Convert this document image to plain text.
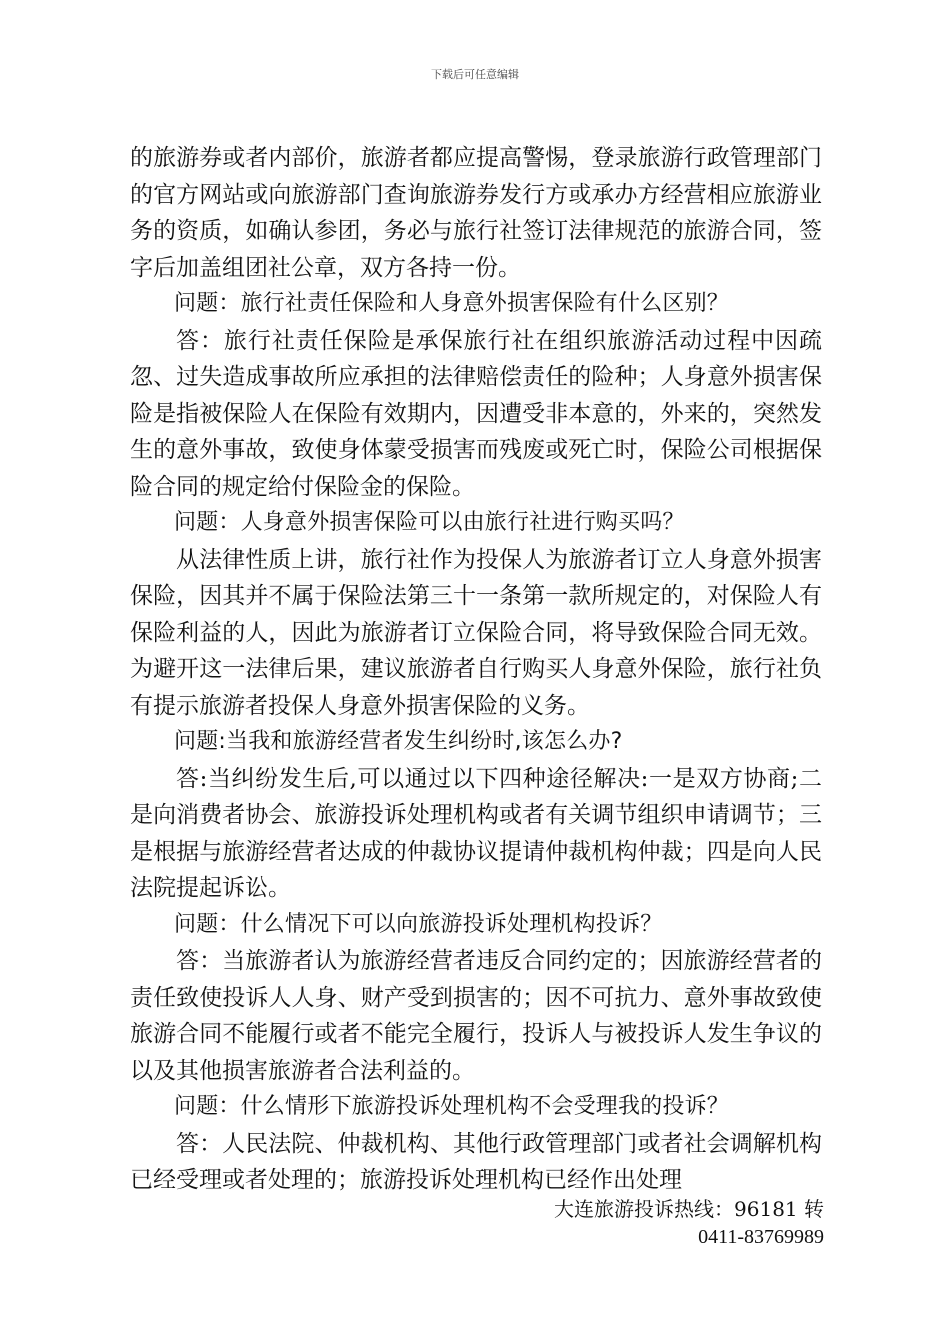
下载后可任意编辑

的旅游券或者内部价，旅游者都应提高警惕，登录旅游行政管理部门的官方网站或向旅游部门查询旅游券发行方或承办方经营相应旅游业务的资质，如确认参团，务必与旅行社签订法律规范的旅游合同，签字后加盖组团社公章，双方各持一份。

问题：旅行社责任保险和人身意外损害保险有什么区别？

答：旅行社责任保险是承保旅行社在组织旅游活动过程中因疏忽、过失造成事故所应承担的法律赔偿责任的险种；人身意外损害保险是指被保险人在保险有效期内，因遭受非本意的，外来的，突然发生的意外事故，致使身体蒙受损害而残废或死亡时，保险公司根据保险合同的规定给付保险金的保险。

问题：人身意外损害保险可以由旅行社进行购买吗？

从法律性质上讲，旅行社作为投保人为旅游者订立人身意外损害保险，因其并不属于保险法第三十一条第一款所规定的，对保险人有保险利益的人，因此为旅游者订立保险合同，将导致保险合同无效。为避开这一法律后果，建议旅游者自行购买人身意外保险，旅行社负有提示旅游者投保人身意外损害保险的义务。

问题:当我和旅游经营者发生纠纷时,该怎么办?

答:当纠纷发生后,可以通过以下四种途径解决:一是双方协商;二是向消费者协会、旅游投诉处理机构或者有关调节组织申请调节；三是根据与旅游经营者达成的仲裁协议提请仲裁机构仲裁；四是向人民法院提起诉讼。

问题：什么情况下可以向旅游投诉处理机构投诉？

答：当旅游者认为旅游经营者违反合同约定的；因旅游经营者的责任致使投诉人人身、财产受到损害的；因不可抗力、意外事故致使旅游合同不能履行或者不能完全履行，投诉人与被投诉人发生争议的以及其他损害旅游者合法利益的。

问题：什么情形下旅游投诉处理机构不会受理我的投诉？

答：人民法院、仲裁机构、其他行政管理部门或者社会调解机构已经受理或者处理的；旅游投诉处理机构已经作出处理

大连旅游投诉热线：96181 转
0411-83769989
